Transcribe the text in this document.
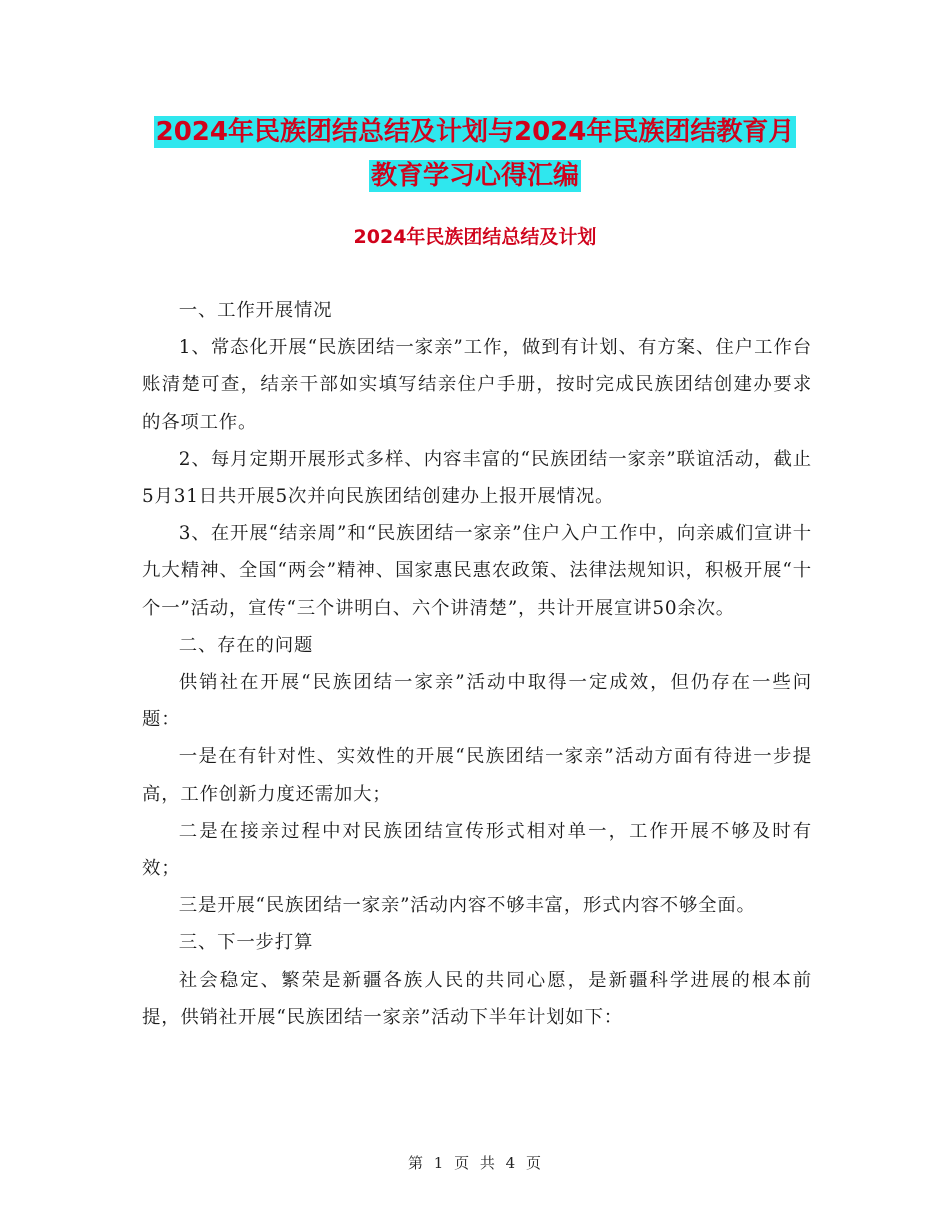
2024年民族团结总结及计划与2024年民族团结教育月
教育学习心得汇编
2024年民族团结总结及计划

一、工作开展情况

1、常态化开展“民族团结一家亲”工作，做到有计划、有方案、住户工作台账清楚可查，结亲干部如实填写结亲住户手册，按时完成民族团结创建办要求的各项工作。

2、每月定期开展形式多样、内容丰富的“民族团结一家亲”联谊活动，截止5月31日共开展5次并向民族团结创建办上报开展情况。

3、在开展“结亲周”和“民族团结一家亲”住户入户工作中，向亲戚们宣讲十九大精神、全国“两会”精神、国家惠民惠农政策、法律法规知识，积极开展“十个一”活动，宣传“三个讲明白、六个讲清楚”，共计开展宣讲50余次。

二、存在的问题

供销社在开展“民族团结一家亲”活动中取得一定成效，但仍存在一些问题：

一是在有针对性、实效性的开展“民族团结一家亲”活动方面有待进一步提高，工作创新力度还需加大；

二是在接亲过程中对民族团结宣传形式相对单一，工作开展不够及时有效；

三是开展“民族团结一家亲”活动内容不够丰富，形式内容不够全面。

三、下一步打算

社会稳定、繁荣是新疆各族人民的共同心愿，是新疆科学进展的根本前提，供销社开展“民族团结一家亲”活动下半年计划如下：

第 1 页 共 4 页
